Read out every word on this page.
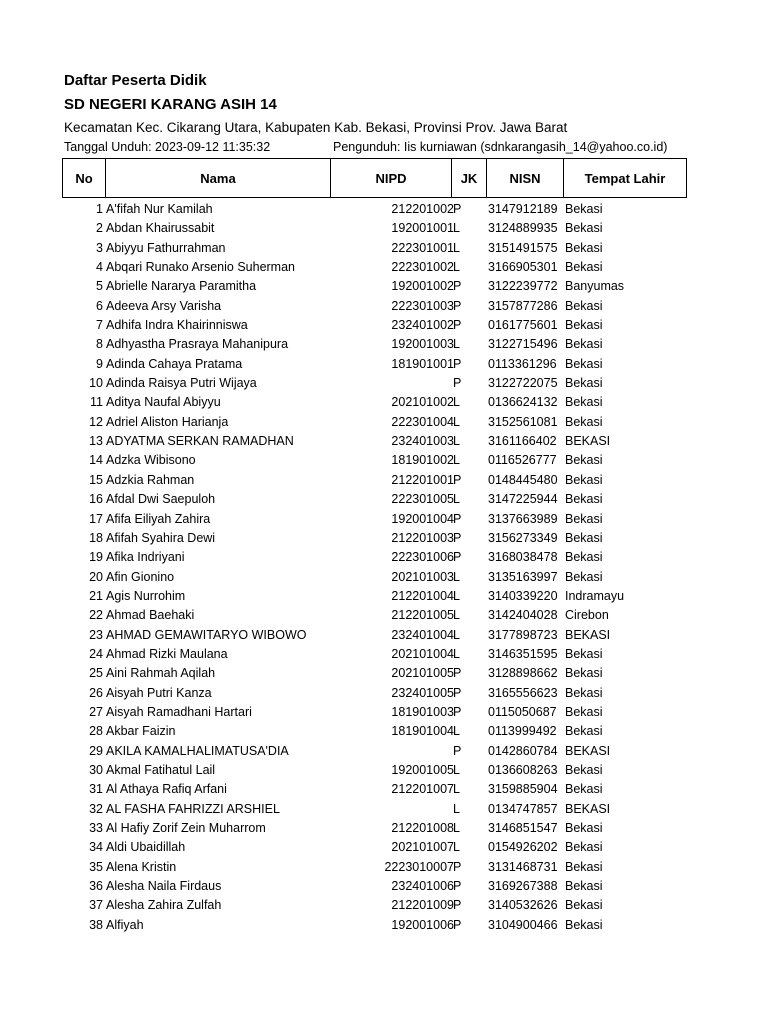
Daftar Peserta Didik
SD NEGERI KARANG ASIH 14
Kecamatan Kec. Cikarang Utara, Kabupaten Kab. Bekasi, Provinsi Prov. Jawa Barat
Tanggal Unduh: 2023-09-12 11:35:32	Pengunduh: Iis kurniawan (sdnkarangasih_14@yahoo.co.id)
No	Nama	NIPD	JK	NISN	Tempat Lahir
1 A'fifah Nur Kamilah	212201002 P 3147912189 Bekasi
2 Abdan Khairussabit	192001001 L 3124889935 Bekasi
3 Abiyyu Fathurrahman	222301001 L 3151491575 Bekasi
4 Abqari Runako Arsenio Suherman	222301002 L 3166905301 Bekasi
5 Abrielle Nararya Paramitha	192001002 P 3122239772 Banyumas
6 Adeeva Arsy Varisha	222301003 P 3157877286 Bekasi
7 Adhifa Indra Khairinniswa	232401002 P 0161775601 Bekasi
8 Adhyastha Prasraya Mahanipura	192001003 L 3122715496 Bekasi
9 Adinda Cahaya Pratama	181901001 P 0113361296 Bekasi
10 Adinda Raisya Putri Wijaya	P 3122722075 Bekasi
11 Aditya Naufal Abiyyu	202101002 L 0136624132 Bekasi
12 Adriel Aliston Harianja	222301004 L 3152561081 Bekasi
13 ADYATMA SERKAN RAMADHAN	232401003 L 3161166402 BEKASI
14 Adzka Wibisono	181901002 L 0116526777 Bekasi
15 Adzkia Rahman	212201001 P 0148445480 Bekasi
16 Afdal Dwi Saepuloh	222301005 L 3147225944 Bekasi
17 Afifa Eiliyah Zahira	192001004 P 3137663989 Bekasi
18 Afifah Syahira Dewi	212201003 P 3156273349 Bekasi
19 Afika Indriyani	222301006 P 3168038478 Bekasi
20 Afin Gionino	202101003 L 3135163997 Bekasi
21 Agis Nurrohim	212201004 L 3140339220 Indramayu
22 Ahmad Baehaki	212201005 L 3142404028 Cirebon
23 AHMAD GEMAWITARYO WIBOWO	232401004 L 3177898723 BEKASI
24 Ahmad Rizki Maulana	202101004 L 3146351595 Bekasi
25 Aini Rahmah Aqilah	202101005 P 3128898662 Bekasi
26 Aisyah Putri Kanza	232401005 P 3165556623 Bekasi
27 Aisyah Ramadhani Hartari	181901003 P 0115050687 Bekasi
28 Akbar Faizin	181901004 L 0113999492 Bekasi
29 AKILA KAMALHALIMATUSA'DIA	P 0142860784 BEKASI
30 Akmal Fatihatul Lail	192001005 L 0136608263 Bekasi
31 Al Athaya Rafiq Arfani	212201007 L 3159885904 Bekasi
32 AL FASHA FAHRIZZI ARSHIEL	L 0134747857 BEKASI
33 Al Hafiy Zorif Zein Muharrom	212201008 L 3146851547 Bekasi
34 Aldi Ubaidillah	202101007 L 0154926202 Bekasi
35 Alena Kristin	2223010007 P 3131468731 Bekasi
36 Alesha Naila Firdaus	232401006 P 3169267388 Bekasi
37 Alesha Zahira Zulfah	212201009 P 3140532626 Bekasi
38 Alfiyah	192001006 P 3104900466 Bekasi
